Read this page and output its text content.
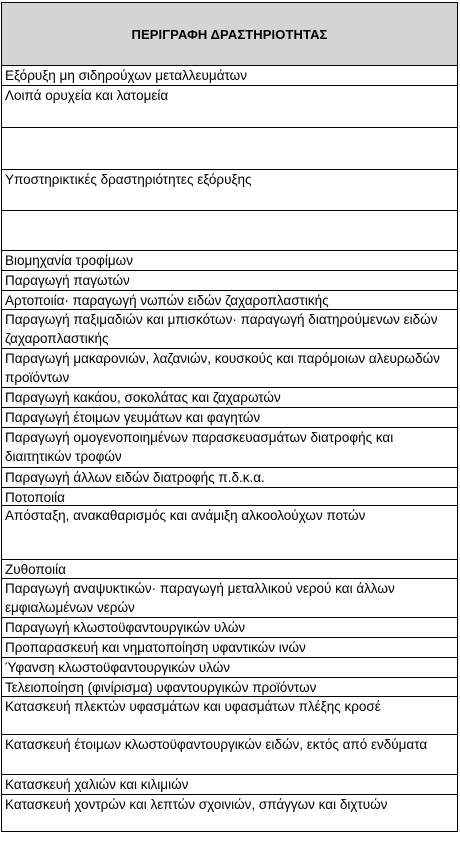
ΠΕΡΙΓΡΑΦΗ ΔΡΑΣΤΗΡΙΟΤΗΤΑΣ
Εξόρυξη μη σιδηρούχων μεταλλευμάτων
Λοιπά ορυχεία και λατομεία
Υποστηρικτικές δραστηριότητες εξόρυξης
Βιομηχανία τροφίμων
Παραγωγή παγωτών
Αρτοποιία· παραγωγή νωπών ειδών ζαχαροπλαστικής
Παραγωγή παξιμαδιών και μπισκότων· παραγωγή διατηρούμενων ειδών ζαχαροπλαστικής
Παραγωγή μακαρονιών, λαζανιών, κουσκούς και παρόμοιων αλευρωδών προϊόντων
Παραγωγή κακάου, σοκολάτας και ζαχαρωτών
Παραγωγή έτοιμων γευμάτων και φαγητών
Παραγωγή ομογενοποιημένων παρασκευασμάτων διατροφής και διαιτητικών τροφών
Παραγωγή άλλων ειδών διατροφής π.δ.κ.α.
Ποτοποιία
Απόσταξη, ανακαθαρισμός και ανάμιξη αλκοολούχων ποτών
Ζυθοποιία
Παραγωγή αναψυκτικών· παραγωγή μεταλλικού νερού και άλλων εμφιαλωμένων νερών
Παραγωγή κλωστοϋφαντουργικών υλών
Προπαρασκευή και νηματοποίηση υφαντικών ινών
Ύφανση κλωστοϋφαντουργικών υλών
Τελειοποίηση (φινίρισμα) υφαντουργικών προϊόντων
Κατασκευή πλεκτών υφασμάτων και υφασμάτων πλέξης κροσέ
Κατασκευή έτοιμων κλωστοϋφαντουργικών ειδών, εκτός από ενδύματα
Κατασκευή χαλιών και κιλιμιών
Κατασκευή χοντρών και λεπτών σχοινιών, σπάγγων και διχτυών
